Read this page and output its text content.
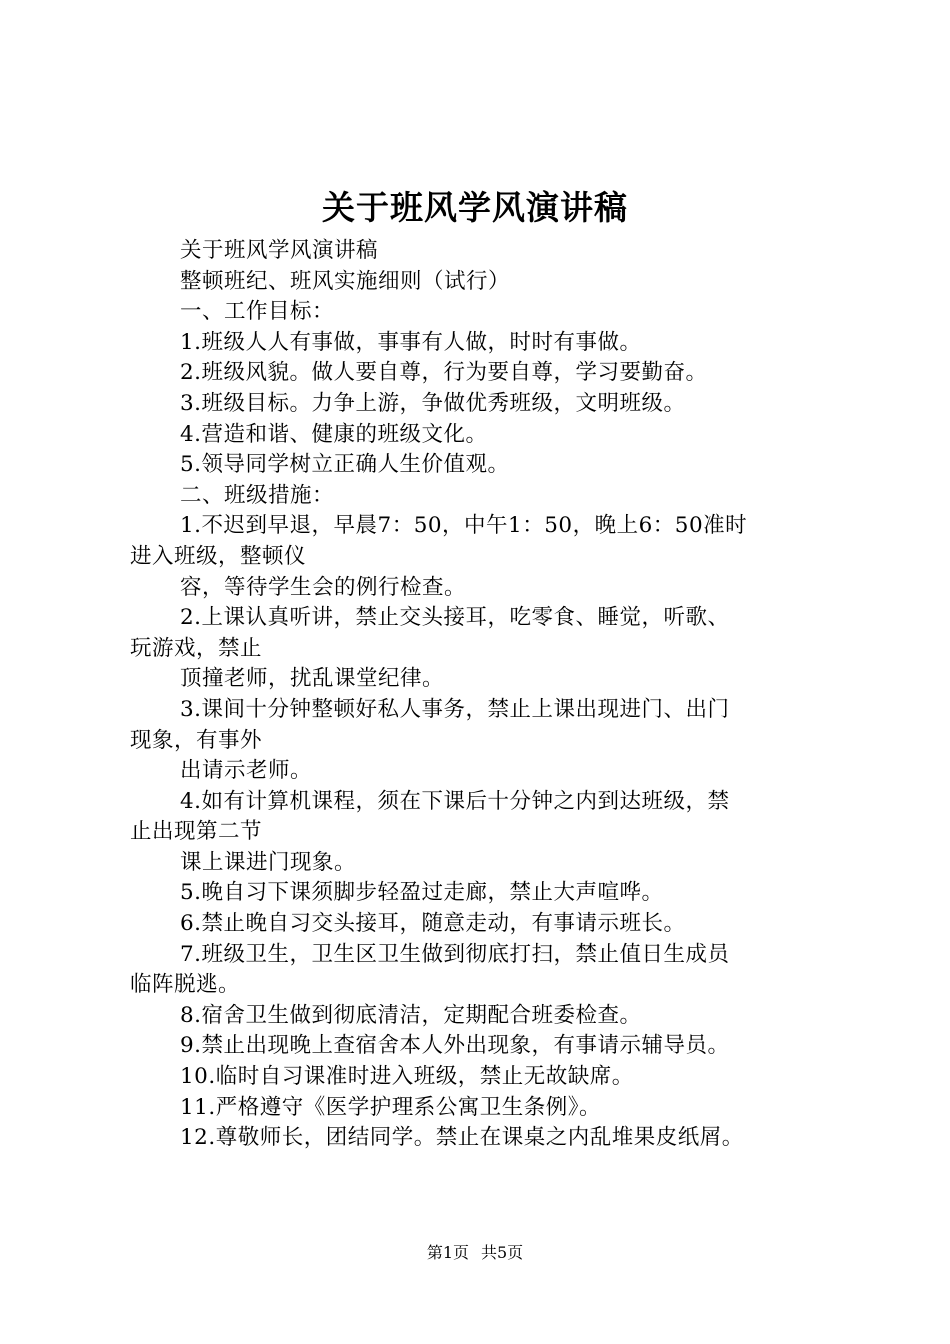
关于班风学风演讲稿
关于班风学风演讲稿
整顿班纪、班风实施细则（试行）
一、工作目标：
1.班级人人有事做，事事有人做，时时有事做。
2.班级风貌。做人要自尊，行为要自尊，学习要勤奋。
3.班级目标。力争上游，争做优秀班级，文明班级。
4.营造和谐、健康的班级文化。
5.领导同学树立正确人生价值观。
二、班级措施：
1.不迟到早退，早晨7：50，中午1：50，晚上6：50准时
进入班级，整顿仪
容，等待学生会的例行检查。
2.上课认真听讲，禁止交头接耳，吃零食、睡觉，听歌、
玩游戏，禁止
顶撞老师，扰乱课堂纪律。
3.课间十分钟整顿好私人事务，禁止上课出现进门、出门
现象，有事外
出请示老师。
4.如有计算机课程，须在下课后十分钟之内到达班级，禁
止出现第二节
课上课进门现象。
5.晚自习下课须脚步轻盈过走廊，禁止大声喧哗。
6.禁止晚自习交头接耳，随意走动，有事请示班长。
7.班级卫生，卫生区卫生做到彻底打扫，禁止值日生成员
临阵脱逃。
8.宿舍卫生做到彻底清洁，定期配合班委检查。
9.禁止出现晚上查宿舍本人外出现象，有事请示辅导员。
10.临时自习课准时进入班级，禁止无故缺席。
11.严格遵守《医学护理系公寓卫生条例》。
12.尊敬师长，团结同学。禁止在课桌之内乱堆果皮纸屑。
第1页 共5页
